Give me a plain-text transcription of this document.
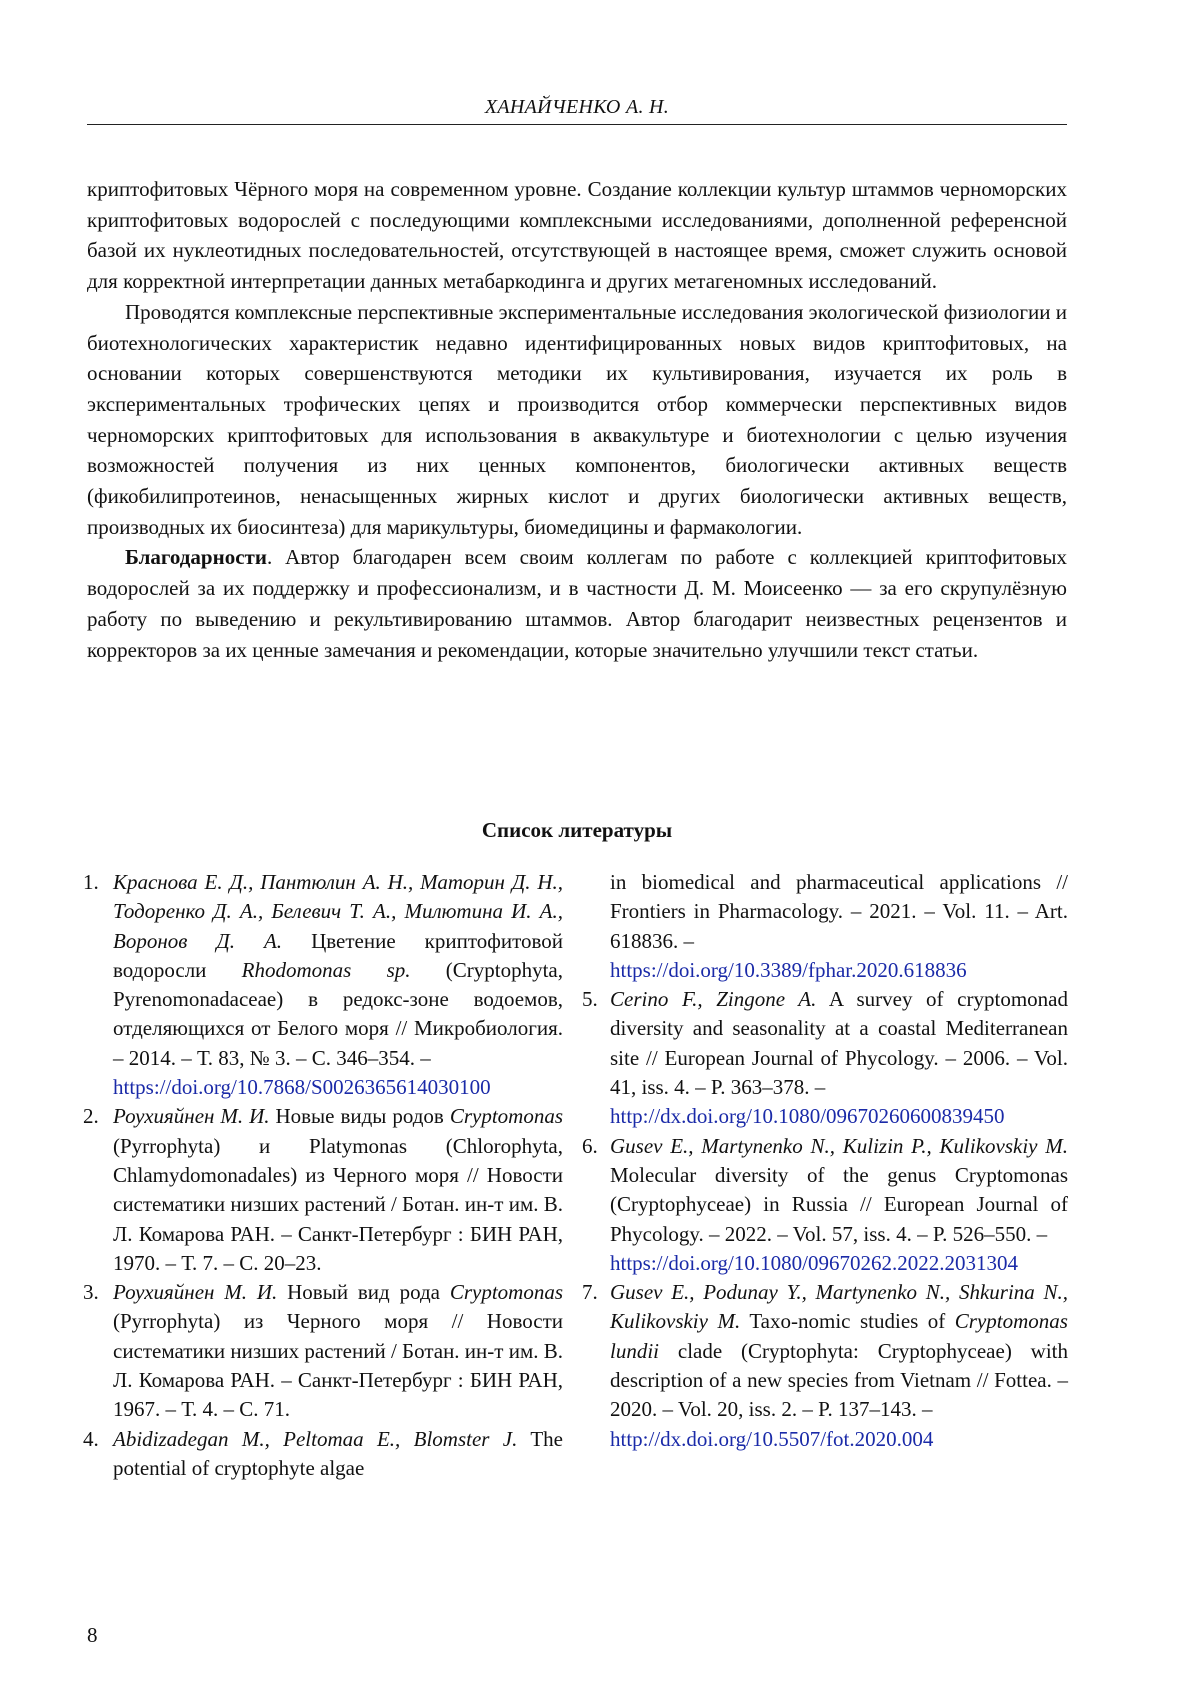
ХАНАЙЧЕНКО А. Н.

криптофитовых Чёрного моря на современном уровне. Создание коллекции культур штаммов черноморских криптофитовых водорослей с последующими комплексными исследованиями, дополненной референсной базой их нуклеотидных последовательностей, отсутствующей в настоящее время, сможет служить основой для корректной интерпретации данных метабаркодинга и других метагеномных исследований.

Проводятся комплексные перспективные экспериментальные исследования экологической физиологии и биотехнологических характеристик недавно идентифицированных новых видов криптофитовых, на основании которых совершенствуются методики их культивирования, изучается их роль в экспериментальных трофических цепях и производится отбор коммерчески перспективных видов черноморских криптофитовых для использования в аквакультуре и биотехнологии с целью изучения возможностей получения из них ценных компонентов, биологически активных веществ (фикобилипротеинов, ненасыщенных жирных кислот и других биологически активных веществ, производных их биосинтеза) для марикультуры, биомедицины и фармакологии.

Благодарности. Автор благодарен всем своим коллегам по работе с коллекцией криптофитовых водорослей за их поддержку и профессионализм, и в частности Д. М. Моисеенко — за его скрупулёзную работу по выведению и рекультивированию штаммов. Автор благодарит неизвестных рецензентов и корректоров за их ценные замечания и рекомендации, которые значительно улучшили текст статьи.

Список литературы
1. Краснова Е. Д., Пантюлин А. Н., Маторин Д. Н., Тодоренко Д. А., Белевич Т. А., Милютина И. А., Воронов Д. А. Цветение криптофитовой водоросли Rhodomonas sp. (Cryptophyta, Pyrenomonadaceae) в редокс-зоне водоемов, отделяющихся от Белого моря // Микробиология. – 2014. – Т. 83, № 3. – С. 346–354. –
https://doi.org/10.7868/S0026365614030100
2. Роухияйнен М. И. Новые виды родов Cryptomonas (Pyrrophyta) и Platymonas (Chlorophyta, Chlamydomonadales) из Черного моря // Новости систематики низших растений / Ботан. ин-т им. В. Л. Комарова РАН. – Санкт-Петербург : БИН РАН, 1970. – Т. 7. – С. 20–23.
3. Роухияйнен М. И. Новый вид рода Cryptomonas (Pyrrophyta) из Черного моря // Новости систематики низших растений / Ботан. ин-т им. В. Л. Комарова РАН. – Санкт-Петербург : БИН РАН, 1967. – Т. 4. – С. 71.
4. Abidizadegan M., Peltomaa E., Blomster J. The potential of cryptophyte algae
in biomedical and pharmaceutical applications // Frontiers in Pharmacology. – 2021. – Vol. 11. – Art. 618836. –
https://doi.org/10.3389/fphar.2020.618836
5. Cerino F., Zingone A. A survey of cryptomonad diversity and seasonality at a coastal Mediterranean site // European Journal of Phycology. – 2006. – Vol. 41, iss. 4. – P. 363–378. –
http://dx.doi.org/10.1080/09670260600839450
6. Gusev E., Martynenko N., Kulizin P., Kulikovskiy M. Molecular diversity of the genus Cryptomonas (Cryptophyceae) in Russia // European Journal of Phycology. – 2022. – Vol. 57, iss. 4. – P. 526–550. –
https://doi.org/10.1080/09670262.2022.2031304
7. Gusev E., Podunay Y., Martynenko N., Shkurina N., Kulikovskiy M. Taxo-nomic studies of Cryptomonas lundii clade (Cryptophyta: Cryptophyceae) with description of a new species from Vietnam // Fottea. – 2020. – Vol. 20, iss. 2. – P. 137–143. –
http://dx.doi.org/10.5507/fot.2020.004
8
